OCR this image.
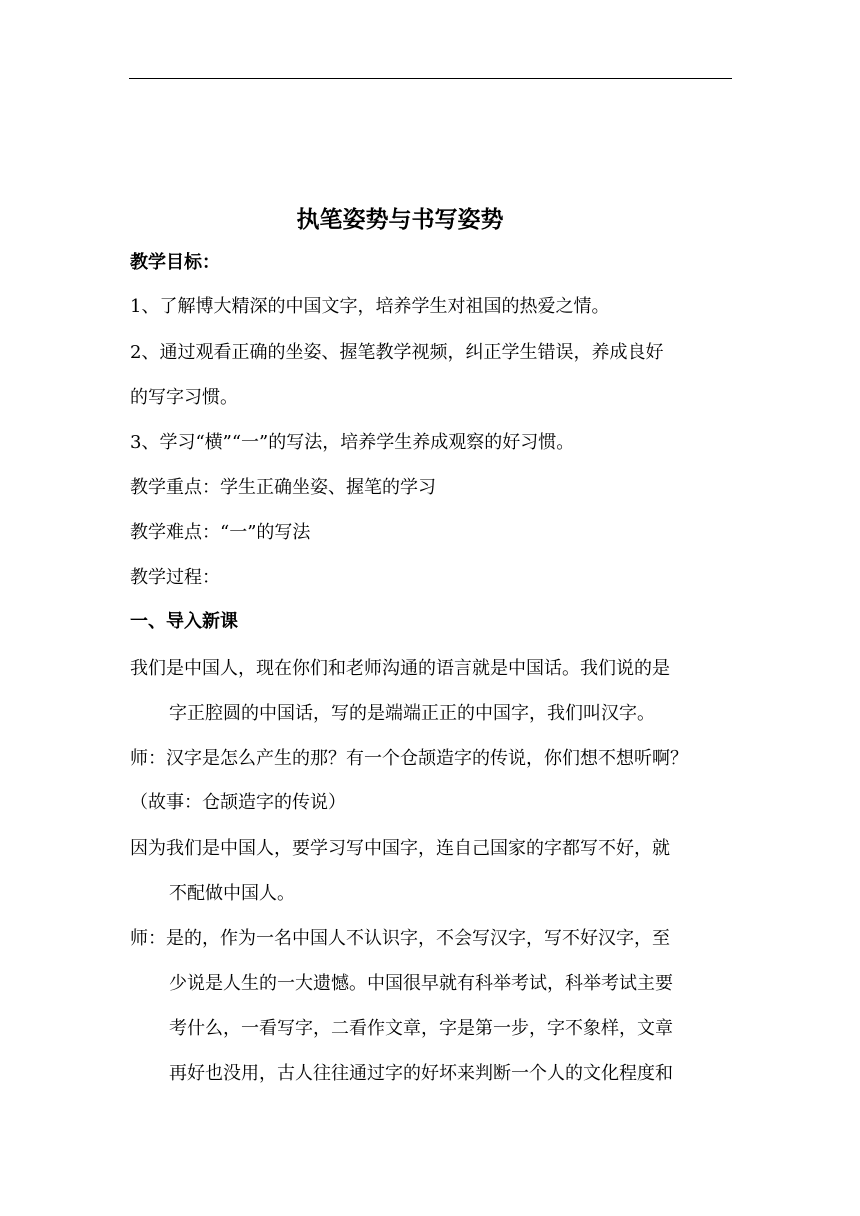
执笔姿势与书写姿势
教学目标：
1、了解博大精深的中国文字，培养学生对祖国的热爱之情。
2、通过观看正确的坐姿、握笔教学视频，纠正学生错误，养成良好
的写字习惯。
3、学习“横”“一”的写法，培养学生养成观察的好习惯。
教学重点：学生正确坐姿、握笔的学习
教学难点：“一”的写法
教学过程：
一、导入新课
我们是中国人，现在你们和老师沟通的语言就是中国话。我们说的是
字正腔圆的中国话，写的是端端正正的中国字，我们叫汉字。
师：汉字是怎么产生的那？有一个仓颉造字的传说，你们想不想听啊？
（故事：仓颉造字的传说）
因为我们是中国人，要学习写中国字，连自己国家的字都写不好，就
不配做中国人。
师：是的，作为一名中国人不认识字，不会写汉字，写不好汉字，至
少说是人生的一大遗憾。中国很早就有科举考试，科举考试主要
考什么，一看写字，二看作文章，字是第一步，字不象样，文章
再好也没用，古人往往通过字的好坏来判断一个人的文化程度和
